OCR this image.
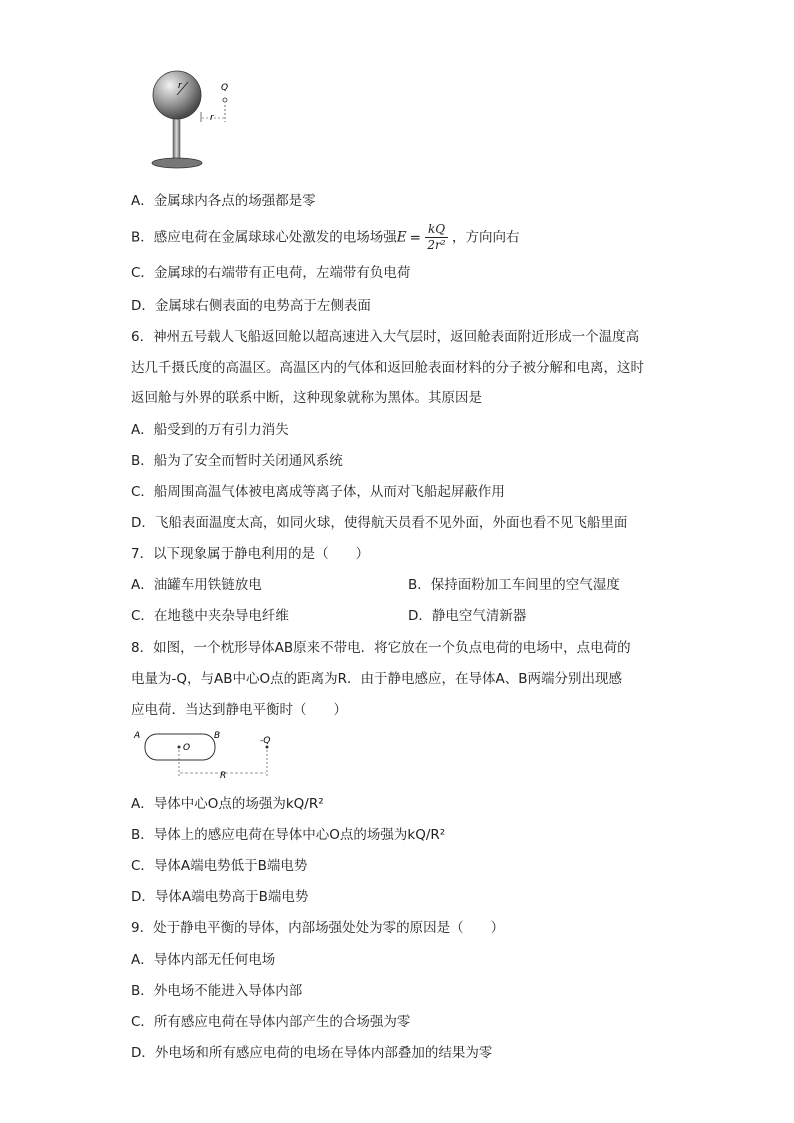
r	Q
r
A．金属球内各点的场强都是零
B．感应电荷在金属球球心处激发的电场场强$E = \frac{kQ}{\text{2r²}}$ ，方向向右
C．金属球的右端带有正电荷，左端带有负电荷
D．金属球右侧表面的电势高于左侧表面
6．神州五号载人飞船返回舱以超高速进入大气层时，返回舱表面附近形成一个温度高
达几千摄氏度的高温区。高温区内的气体和返回舱表面材料的分子被分解和电离，这时
返回舱与外界的联系中断，这种现象就称为黑体。其原因是
A．船受到的万有引力消失
B．船为了安全而暂时关闭通风系统
C．船周围高温气体被电离成等离子体，从而对飞船起屏蔽作用
D．飞船表面温度太高，如同火球，使得航天员看不见外面，外面也看不见飞船里面
7．以下现象属于静电利用的是（　　）
A．油罐车用铁链放电	B．保持面粉加工车间里的空气湿度
C．在地毯中夹杂导电纤维	D．静电空气清新器
8．如图，一个枕形导体AB原来不带电．将它放在一个负点电荷的电场中，点电荷的
电量为-Q，与AB中心O点的距离为R．由于静电感应，在导体A、B两端分别出现感
应电荷．当达到静电平衡时（　　）
A	B
O
-Q
R
A．导体中心O点的场强为kQ/R²
B．导体上的感应电荷在导体中心O点的场强为kQ/R²
C．导体A端电势低于B端电势
D．导体A端电势高于B端电势
9．处于静电平衡的导体，内部场强处处为零的原因是（　　）
A．导体内部无任何电场
B．外电场不能进入导体内部
C．所有感应电荷在导体内部产生的合场强为零
D．外电场和所有感应电荷的电场在导体内部叠加的结果为零
